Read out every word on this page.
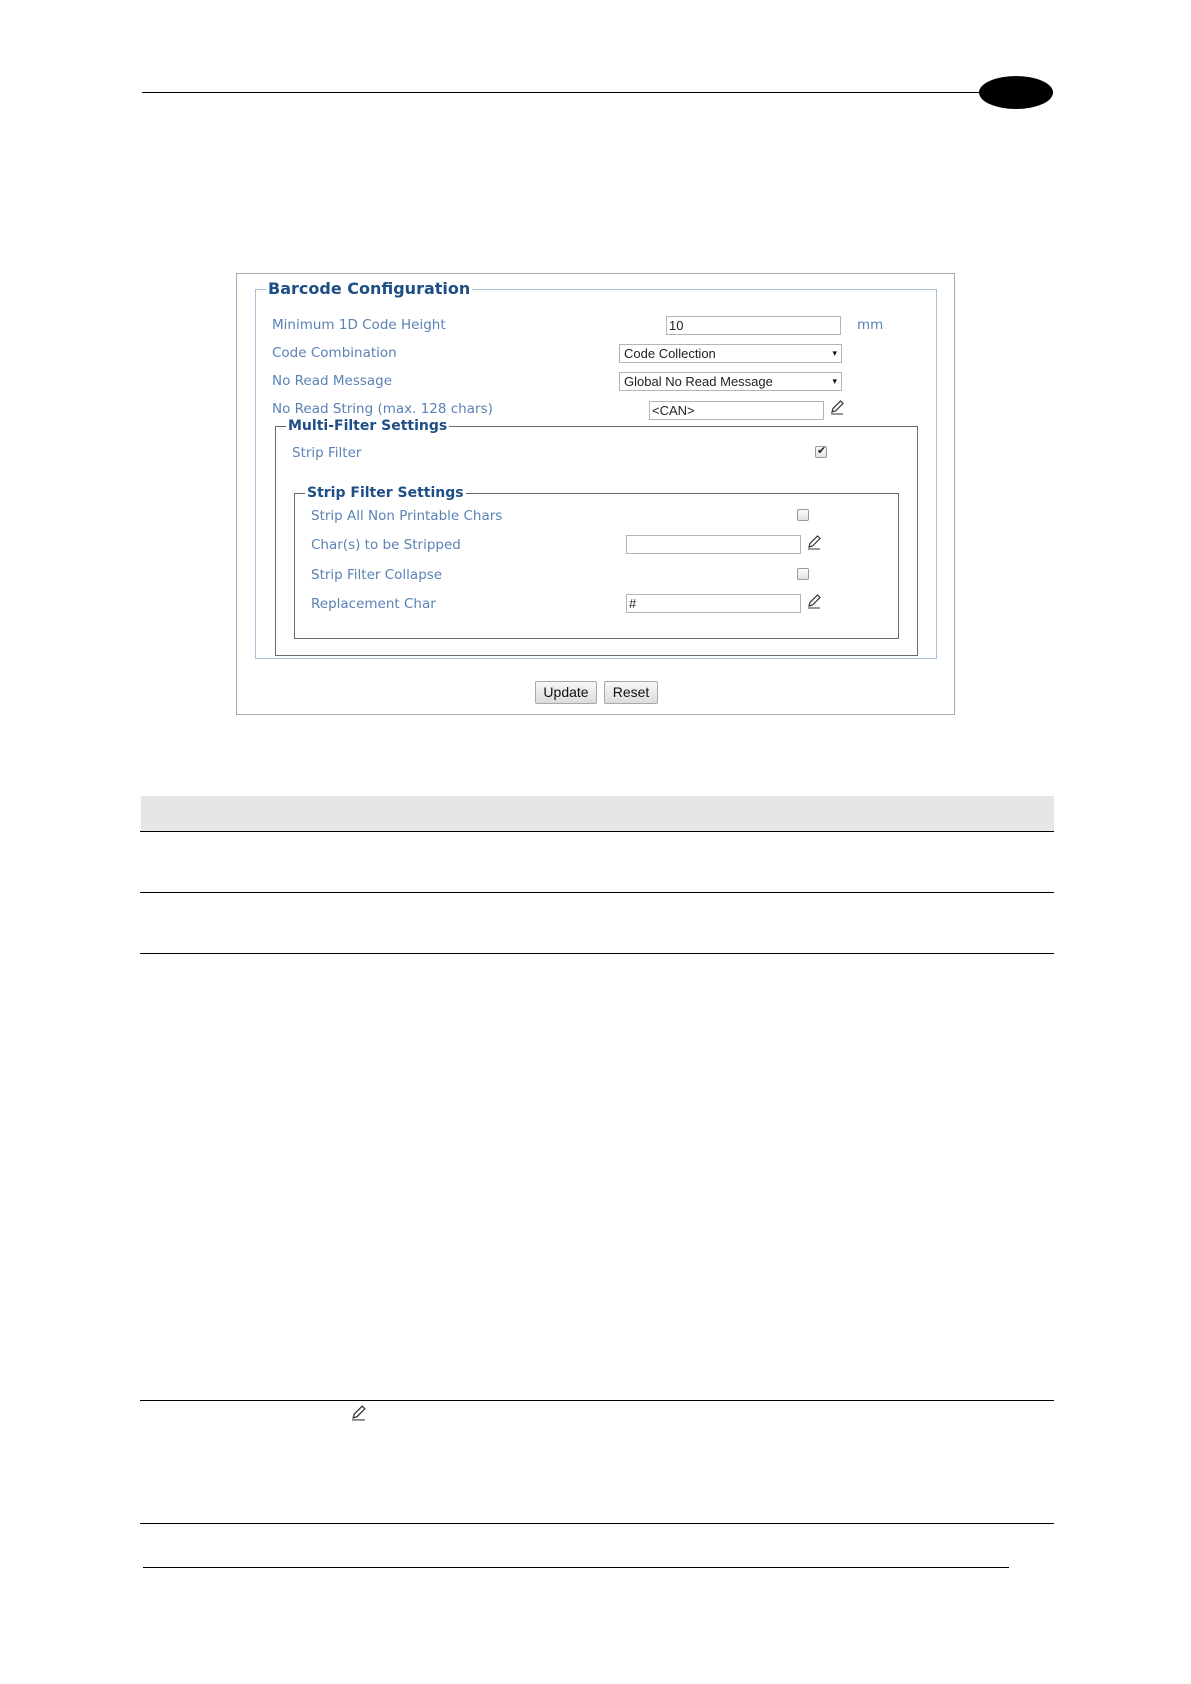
Barcode Configuration
Minimum 1D Code Height	10	mm
Code Combination	Code Collection	▾
No Read Message	Global No Read Message	▾
No Read String (max. 128 chars)	<CAN>
Multi-Filter Settings
Strip Filter	✔
Strip Filter Settings
Strip All Non Printable Chars
Char(s) to be Stripped
Strip Filter Collapse
Replacement Char	#
Update	Reset
